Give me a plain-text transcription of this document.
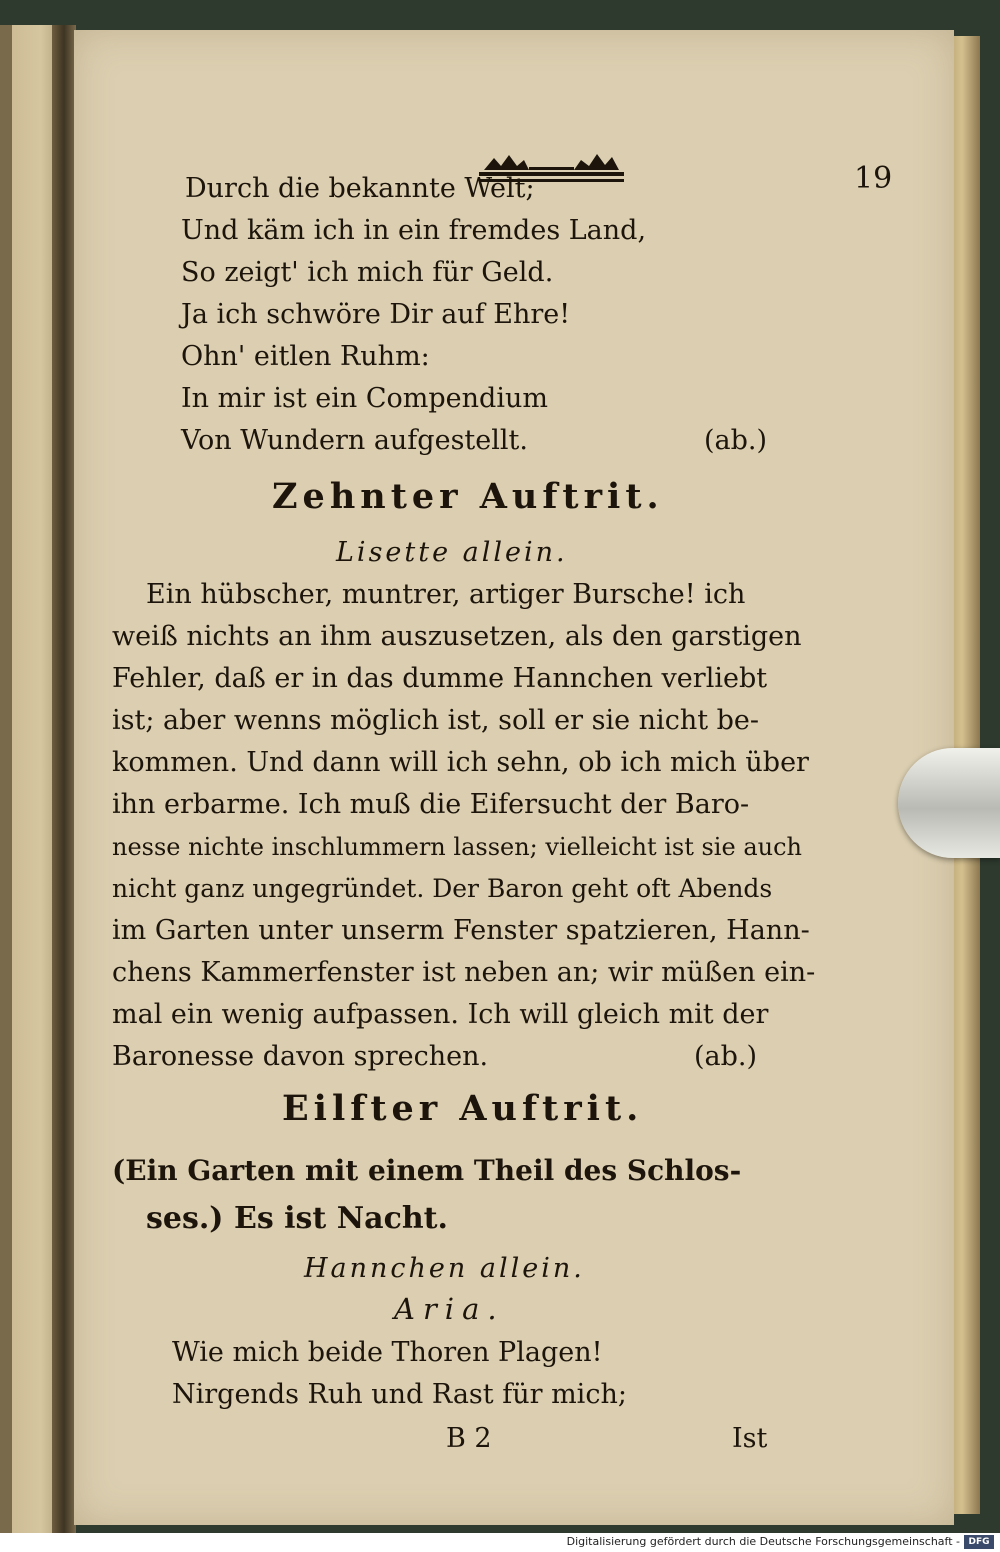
19

Durch die bekannte Welt;

Und käm ich in ein fremdes Land,

So zeigt' ich mich für Geld.

Ja ich schwöre Dir auf Ehre!

Ohn' eitlen Ruhm:

In mir ist ein Compendium

Von Wundern aufgestellt.	(ab.)

Zehnter Auftrit.

Lisette allein.

Ein hübscher, muntrer, artiger Bursche! ich

weiß nichts an ihm auszusetzen, als den garstigen

Fehler, daß er in das dumme Hannchen verliebt

ist; aber wenns möglich ist, soll er sie nicht be-

kommen. Und dann will ich sehn, ob ich mich über

ihn erbarme. Ich muß die Eifersucht der Baro-

nesse nichte inschlummern lassen; vielleicht ist sie auch

nicht ganz ungegründet. Der Baron geht oft Abends

im Garten unter unserm Fenster spatzieren, Hann-

chens Kammerfenster ist neben an; wir müßen ein-

mal ein wenig aufpassen. Ich will gleich mit der

Baronesse davon sprechen.	(ab.)

Eilfter Auftrit.

(Ein Garten mit einem Theil des Schlos-

ses.) Es ist Nacht.

Hannchen allein.

Aria.

Wie mich beide Thoren Plagen!

Nirgends Ruh und Rast für mich;

B 2	Ist

Digitalisierung gefördert durch die Deutsche Forschungsgemeinschaft - DFG
